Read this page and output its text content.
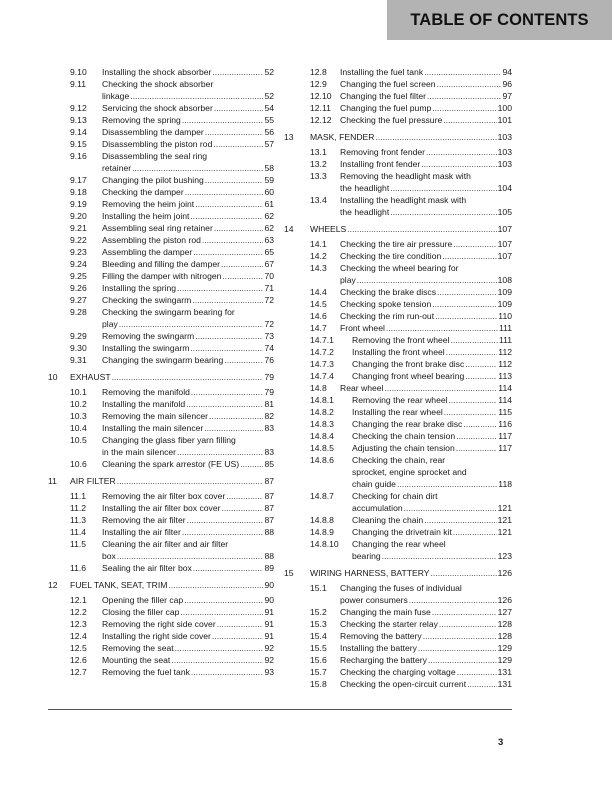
TABLE OF CONTENTS
9.10 Installing the shock absorber .....	52
9.11 Checking the shock absorber
linkage .....	52
9.12 Servicing the shock absorber .....	54
9.13 Removing the spring .....	55
9.14 Disassembling the damper .....	56
9.15 Disassembling the piston rod .....	57
9.16 Disassembling the seal ring
retainer .....	58
9.17 Changing the pilot bushing .....	59
9.18 Checking the damper .....	60
9.19 Removing the heim joint .....	61
9.20 Installing the heim joint .....	62
9.21 Assembling seal ring retainer .....	62
9.22 Assembling the piston rod .....	63
9.23 Assembling the damper .....	65
9.24 Bleeding and filling the damper .....	67
9.25 Filling the damper with nitrogen .....	70
9.26 Installing the spring .....	71
9.27 Checking the swingarm .....	72
9.28 Checking the swingarm bearing for
play .....	72
9.29 Removing the swingarm .....	73
9.30 Installing the swingarm .....	74
9.31 Changing the swingarm bearing .....	76
10 EXHAUST .....	79
10.1 Removing the manifold .....	79
10.2 Installing the manifold .....	81
10.3 Removing the main silencer .....	82
10.4 Installing the main silencer .....	83
10.5 Changing the glass fiber yarn filling
in the main silencer .....	83
10.6 Cleaning the spark arrestor (FE US) .....	85
11 AIR FILTER .....	87
11.1 Removing the air filter box cover .....	87
11.2 Installing the air filter box cover .....	87
11.3 Removing the air filter .....	87
11.4 Installing the air filter .....	88
11.5 Cleaning the air filter and air filter
box .....	88
11.6 Sealing the air filter box .....	89
12 FUEL TANK, SEAT, TRIM .....	90
12.1 Opening the filler cap .....	90
12.2 Closing the filler cap .....	91
12.3 Removing the right side cover .....	91
12.4 Installing the right side cover .....	91
12.5 Removing the seat .....	92
12.6 Mounting the seat .....	92
12.7 Removing the fuel tank .....	93
12.8 Installing the fuel tank .....	94
12.9 Changing the fuel screen .....	96
12.10 Changing the fuel filter .....	97
12.11 Changing the fuel pump .....	100
12.12 Checking the fuel pressure .....	101
13 MASK, FENDER .....	103
13.1 Removing front fender .....	103
13.2 Installing front fender .....	103
13.3 Removing the headlight mask with
the headlight .....	104
13.4 Installing the headlight mask with
the headlight .....	105
14 WHEELS .....	107
14.1 Checking the tire air pressure .....	107
14.2 Checking the tire condition .....	107
14.3 Checking the wheel bearing for
play .....	108
14.4 Checking the brake discs .....	109
14.5 Checking spoke tension .....	109
14.6 Checking the rim run-out .....	110
14.7 Front wheel .....	111
14.7.1 Removing the front wheel .....	111
14.7.2 Installing the front wheel .....	112
14.7.3 Changing the front brake disc .....	112
14.7.4 Changing front wheel bearing .....	113
14.8 Rear wheel .....	114
14.8.1 Removing the rear wheel .....	114
14.8.2 Installing the rear wheel .....	115
14.8.3 Changing the rear brake disc .....	116
14.8.4 Checking the chain tension .....	117
14.8.5 Adjusting the chain tension .....	117
14.8.6 Checking the chain, rear
sprocket, engine sprocket and
chain guide .....	118
14.8.7 Checking for chain dirt
accumulation .....	121
14.8.8 Cleaning the chain .....	121
14.8.9 Changing the drivetrain kit .....	121
14.8.10 Changing the rear wheel
bearing .....	123
15 WIRING HARNESS, BATTERY .....	126
15.1 Changing the fuses of individual
power consumers .....	126
15.2 Changing the main fuse .....	127
15.3 Checking the starter relay .....	128
15.4 Removing the battery .....	128
15.5 Installing the battery .....	129
15.6 Recharging the battery .....	129
15.7 Checking the charging voltage .....	131
15.8 Checking the open-circuit current .....	131
3
